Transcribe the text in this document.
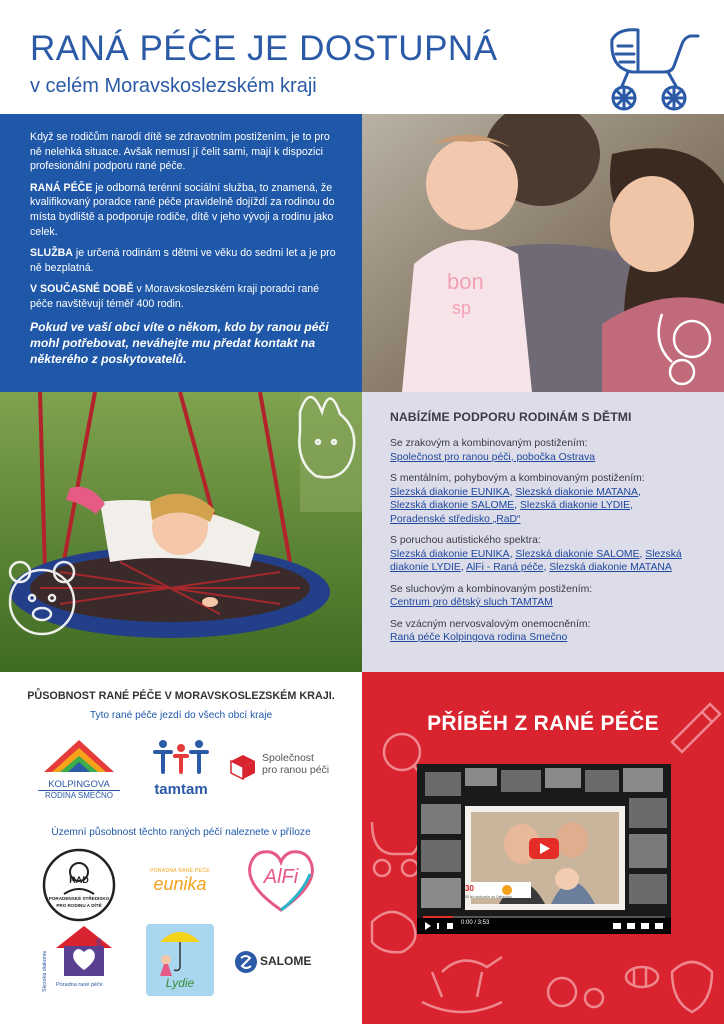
RANÁ PÉČE JE DOSTUPNÁ
v celém Moravskoslezském kraji

Když se rodičům narodí dítě se zdravotním postižením, je to pro ně nelehká situace. Avšak nemusí jí čelit sami, mají k dispozici profesionální podporu rané péče.

RANÁ PÉČE je odborná terénní sociální služba, to znamená, že kvalifikovaný poradce rané péče pravidelně dojíždí za rodinou do místa bydliště a podporuje rodiče, dítě v jeho vývoji a rodinu jako celek.

SLUŽBA je určená rodinám s dětmi ve věku do sedmi let a je pro ně bezplatná.

V SOUČASNÉ DOBĚ v Moravskoslezském kraji poradci rané péče navštěvují téměř 400 rodin.

Pokud ve vaší obci víte o někom, kdo by ranou péči mohl potřebovat, neváhejte mu předat kontakt na některého z poskytovatelů.

bon
sp
NABÍZÍME PODPORU RODINÁM S DĚTMI
Se zrakovým a kombinovaným postižením:
Společnost pro ranou péči, pobočka Ostrava
S mentálním, pohybovým a kombinovaným postižením:
Slezská diakonie EUNIKA, Slezská diakonie MATANA,
Slezská diakonie SALOME, Slezská diakonie LYDIE,
Poradenské středisko „RaD“
S poruchou autistického spektra:
Slezská diakonie EUNIKA, Slezská diakonie SALOME, Slezská diakonie LYDIE, AlFi - Raná péče, Slezská diakonie MATANA
Se sluchovým a kombinovaným postižením:
Centrum pro dětský sluch TAMTAM
Se vzácným nervosvalovým onemocněním:
Raná péče Kolpingova rodina Smečno
PŮSOBNOST RANÉ PÉČE V MORAVSKOSLEZSKÉM KRAJI.
Tyto rané péče jezdí do všech obcí kraje
KOLPINGOVA
RODINA SMEČNO	tamtam
Společnost
pro ranou péči
Územní působnost těchto raných péčí naleznete v příloze
RAD
PORADENSKÉ STŘEDISKO
PRO RODINU A DÍTĚ
PORADNA RANÉ PÉČE
eunika	AlFi
Slezská diakonie	MATANA
Poradna rané péče	Lydie
SALOME
PŘÍBĚH Z RANÉ PÉČE
30
30 let raná péče na Ostravsku
0:00 / 3:53
